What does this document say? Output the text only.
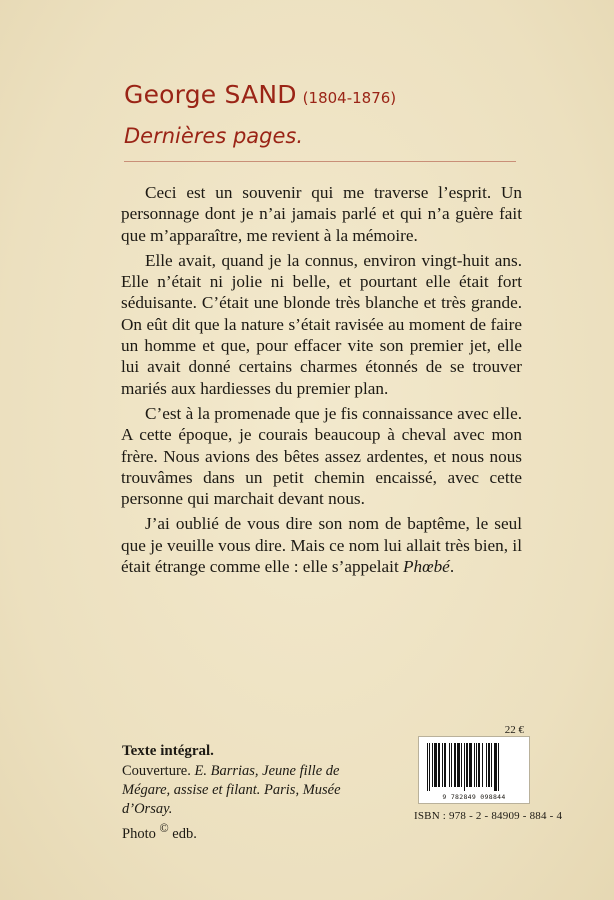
George SAND (1804-1876)
Dernières pages.

Ceci est un souvenir qui me traverse l’esprit. Un personnage dont je n’ai jamais parlé et qui n’a guère fait que m’apparaître, me revient à la mémoire.

Elle avait, quand je la connus, environ vingt-huit ans. Elle n’était ni jolie ni belle, et pourtant elle était fort séduisante. C’était une blonde très blanche et très grande. On eût dit que la nature s’était ravisée au moment de faire un homme et que, pour effacer vite son premier jet, elle lui avait donné certains charmes étonnés de se trouver mariés aux hardiesses du premier plan.

C’est à la promenade que je fis connaissance avec elle. A cette époque, je courais beaucoup à cheval avec mon frère. Nous avions des bêtes assez ardentes, et nous nous trouvâmes dans un petit chemin encaissé, avec cette personne qui marchait devant nous.

J’ai oublié de vous dire son nom de baptême, le seul que je veuille vous dire. Mais ce nom lui allait très bien, il était étrange comme elle : elle s’appelait Phœbé.

Texte intégral.
Couverture. E. Barrias, Jeune fille de Mégare, assise et filant. Paris, Musée d’Orsay.
Photo © edb.
22 €
9 782849 098844
ISBN : 978 - 2 - 84909 - 884 - 4
